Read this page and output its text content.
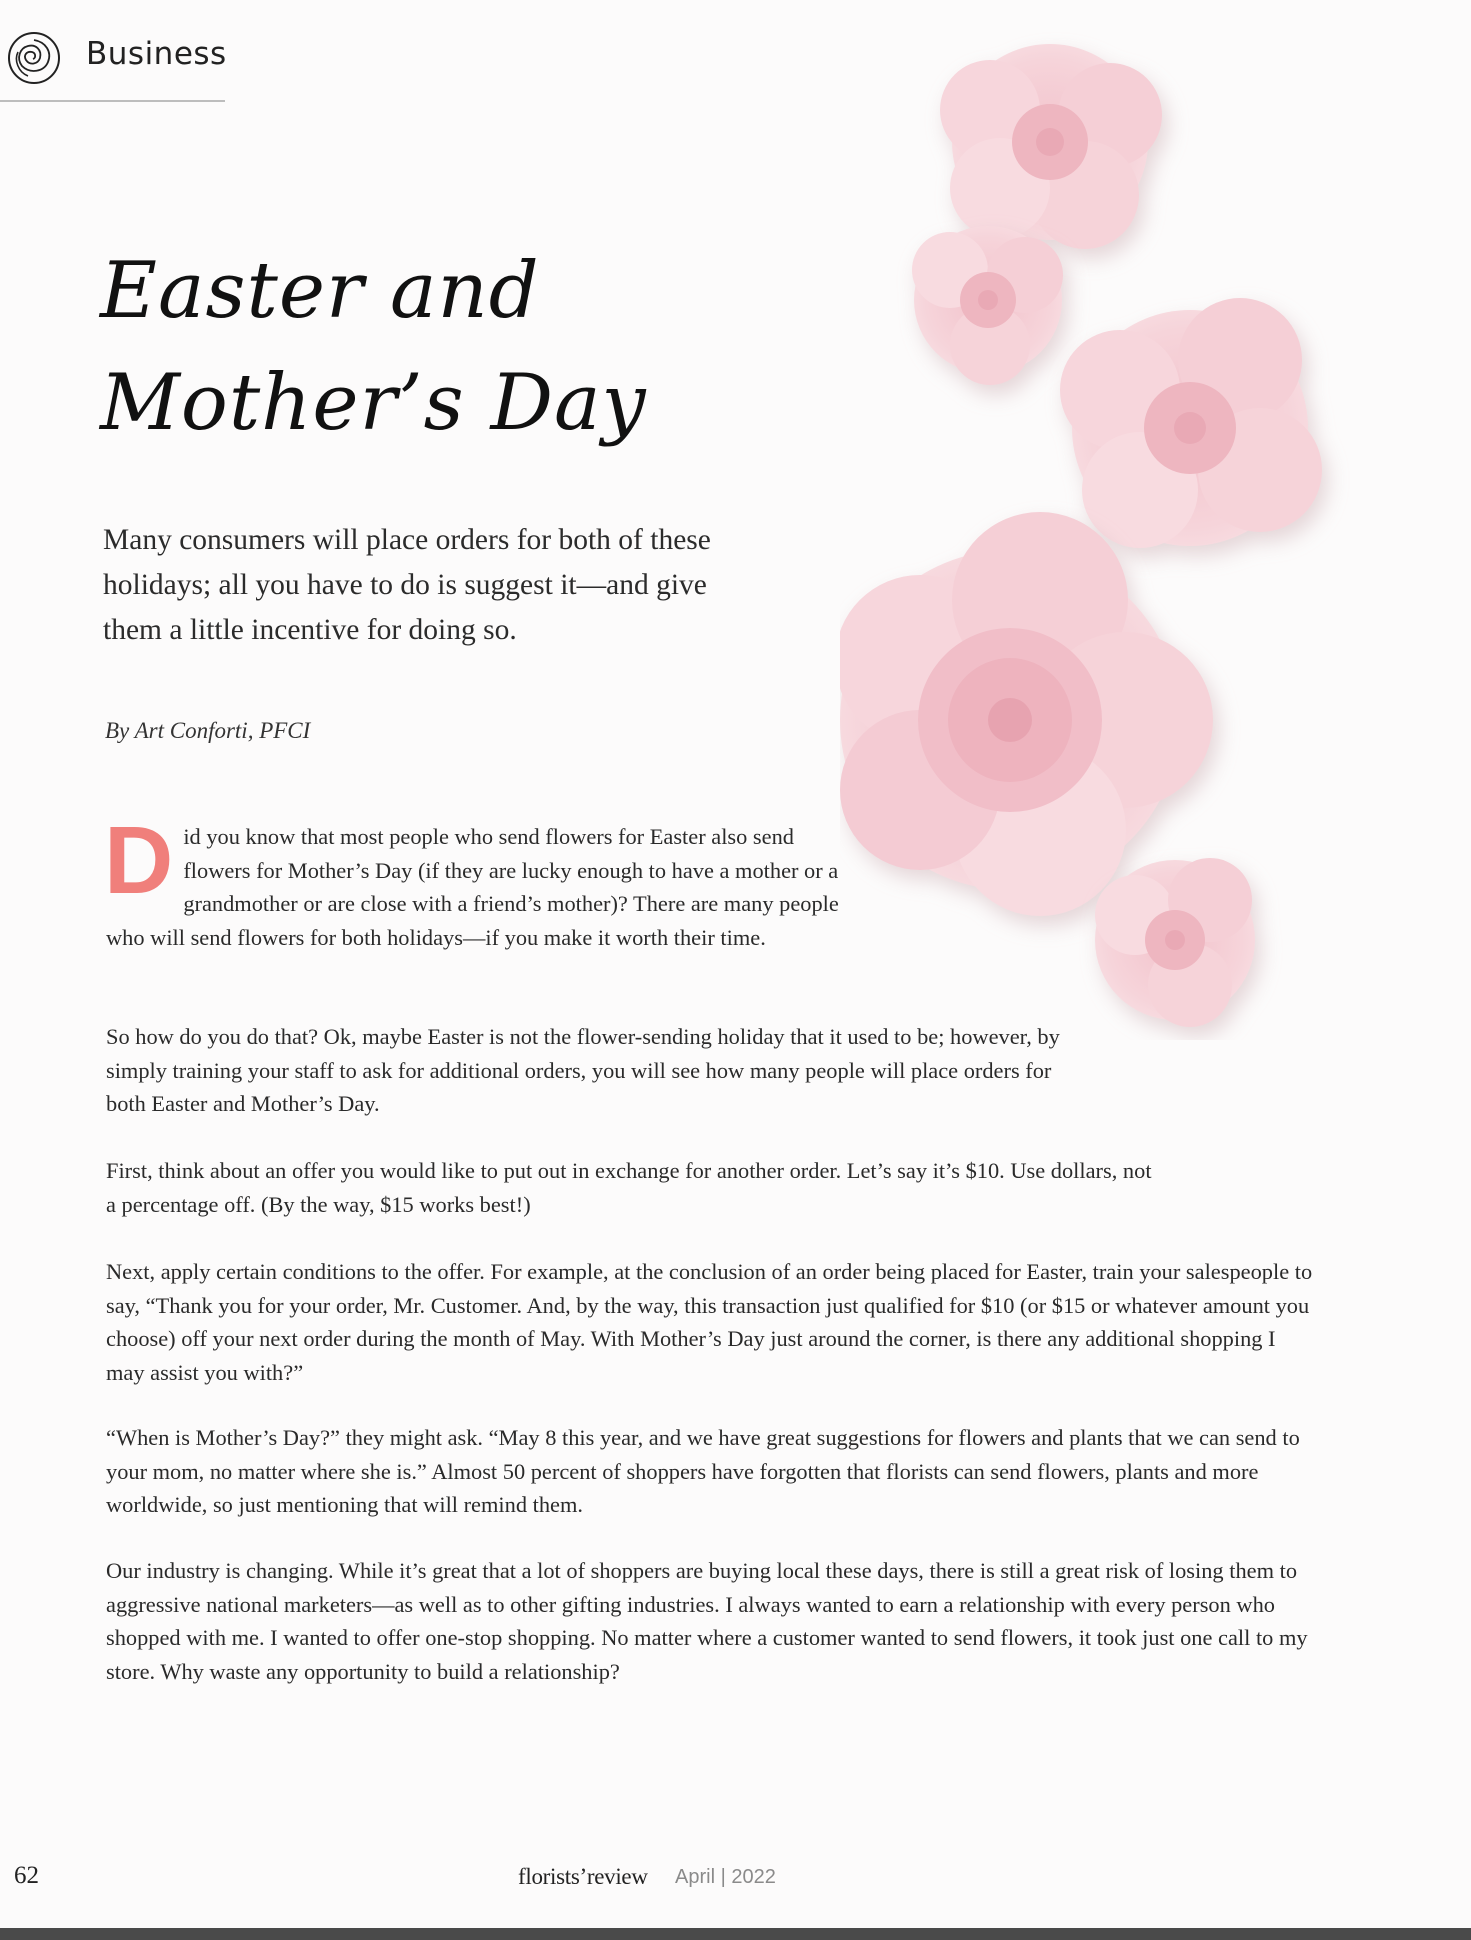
Business
Easter and
Mother’s Day
Many consumers will place orders for both of these holidays; all you have to do is suggest it—and give them a little incentive for doing so.
By Art Conforti, PFCI
Did you know that most people who send flowers for Easter also send flowers for Mother’s Day (if they are lucky enough to have a mother or a grandmother or are close with a friend’s mother)? There are many people who will send flowers for both holidays—if you make it worth their time.
So how do you do that? Ok, maybe Easter is not the flower-sending holiday that it used to be; however, by simply training your staff to ask for additional orders, you will see how many people will place orders for both Easter and Mother’s Day.
First, think about an offer you would like to put out in exchange for another order. Let’s say it’s $10. Use dollars, not a percentage off. (By the way, $15 works best!)
Next, apply certain conditions to the offer. For example, at the conclusion of an order being placed for Easter, train your salespeople to say, “Thank you for your order, Mr. Customer. And, by the way, this transaction just qualified for $10 (or $15 or whatever amount you choose) off your next order during the month of May. With Mother’s Day just around the corner, is there any additional shopping I may assist you with?”
“When is Mother’s Day?” they might ask. “May 8 this year, and we have great suggestions for flowers and plants that we can send to your mom, no matter where she is.” Almost 50 percent of shoppers have forgotten that florists can send flowers, plants and more worldwide, so just mentioning that will remind them.
Our industry is changing. While it’s great that a lot of shoppers are buying local these days, there is still a great risk of losing them to aggressive national marketers—as well as to other gifting industries. I always wanted to earn a relationship with every person who shopped with me. I wanted to offer one-stop shopping. No matter where a customer wanted to send flowers, it took just one call to my store. Why waste any opportunity to build a relationship?
62	florists’review April | 2022
